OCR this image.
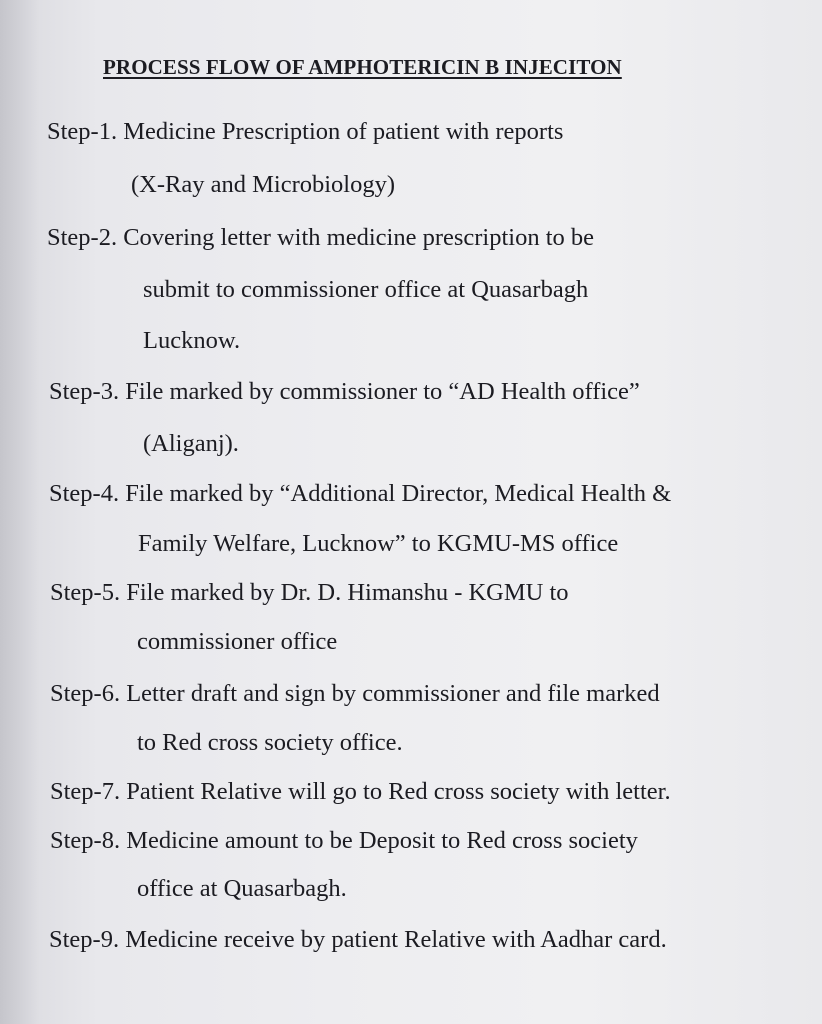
PROCESS FLOW OF AMPHOTERICIN B INJECITON
Step-1. Medicine Prescription of patient with reports
(X-Ray and Microbiology)
Step-2. Covering letter with medicine prescription to be
submit to commissioner office at Quasarbagh
Lucknow.
Step-3. File marked by commissioner to “AD Health office”
(Aliganj).
Step-4. File marked by “Additional Director, Medical Health &
Family Welfare, Lucknow” to KGMU-MS office
Step-5. File marked by Dr. D. Himanshu - KGMU to
commissioner office
Step-6. Letter draft and sign by commissioner and file marked
to Red cross society office.
Step-7. Patient Relative will go to Red cross society with letter.
Step-8. Medicine amount to be Deposit to Red cross society
office at Quasarbagh.
Step-9. Medicine receive by patient Relative with Aadhar card.
